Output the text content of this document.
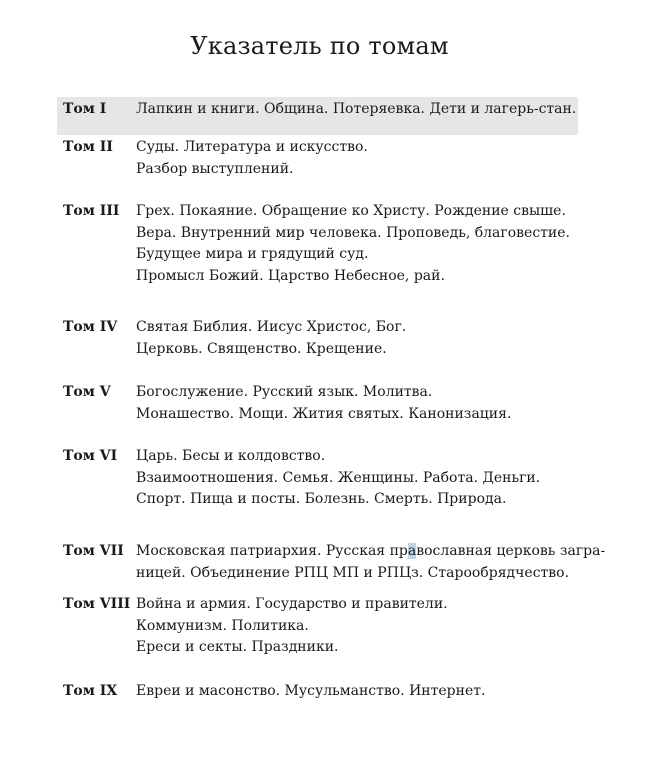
Указатель по томам
Том I Лапкин и книги. Община. Потеряевка. Дети и лагерь-стан.
Том II Суды. Литература и искусство.
Разбор выступлений.
Том III Грех. Покаяние. Обращение ко Христу. Рождение свыше.
Вера. Внутренний мир человека. Проповедь, благовестие.
Будущее мира и грядущий суд.
Промысл Божий. Царство Небесное, рай.
Том IV Святая Библия. Иисус Христос, Бог.
Церковь. Священство. Крещение.
Том V Богослужение. Русский язык. Молитва.
Монашество. Мощи. Жития святых. Канонизация.
Том VI Царь. Бесы и колдовство.
Взаимоотношения. Семья. Женщины. Работа. Деньги.
Спорт. Пища и посты. Болезнь. Смерть. Природа.
Том VII Московская патриархия. Русская православная церковь загра-
ницей. Объединение РПЦ МП и РПЦз. Старообрядчество.
Том VIII Война и армия. Государство и правители.
Коммунизм. Политика.
Ереси и секты. Праздники.
Том IX Евреи и масонство. Мусульманство. Интернет.
